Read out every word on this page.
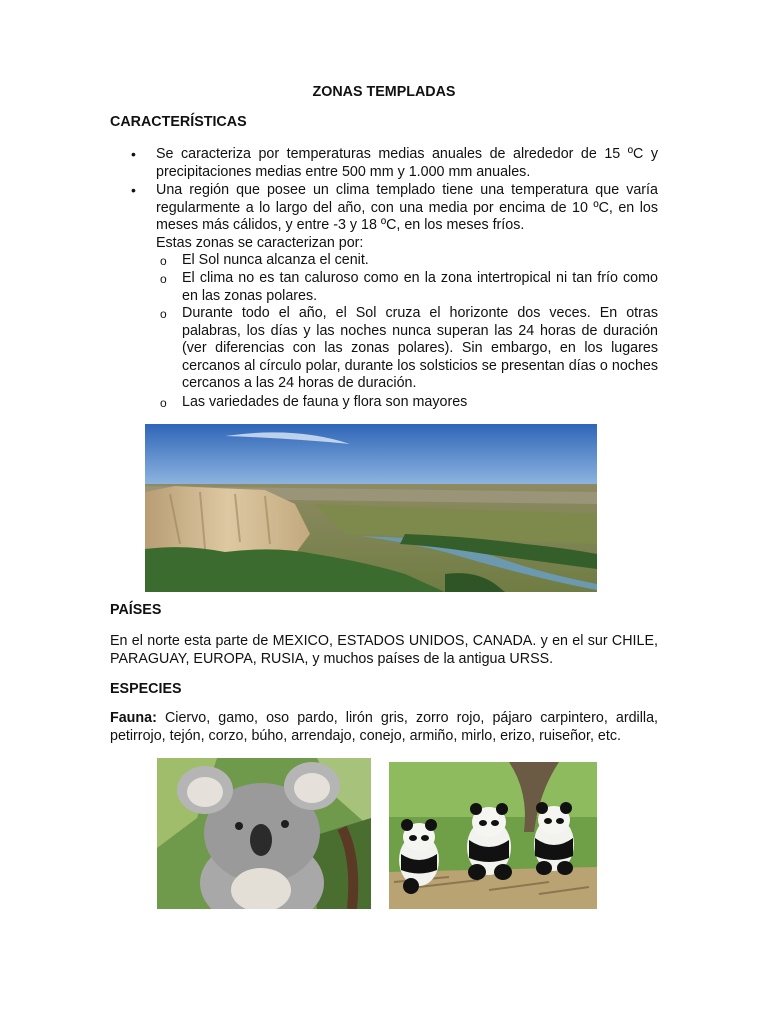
ZONAS TEMPLADAS
CARACTERÍSTICAS
• Se caracteriza por temperaturas medias anuales de alrededor de 15 ºC y precipitaciones medias entre 500 mm y 1.000 mm anuales.
• Una región que posee un clima templado tiene una temperatura que varía regularmente a lo largo del año, con una media por encima de 10 ºC, en los meses más cálidos, y entre -3 y 18 ºC, en los meses fríos.
Estas zonas se caracterizan por:
o El Sol nunca alcanza el cenit.
o El clima no es tan caluroso como en la zona intertropical ni tan frío como en las zonas polares.
o Durante todo el año, el Sol cruza el horizonte dos veces. En otras palabras, los días y las noches nunca superan las 24 horas de duración (ver diferencias con las zonas polares). Sin embargo, en los lugares cercanos al círculo polar, durante los solsticios se presentan días o noches cercanos a las 24 horas de duración.
o Las variedades de fauna y flora son mayores
PAÍSES
En el norte esta parte de MEXICO, ESTADOS UNIDOS, CANADA. y en el sur CHILE, PARAGUAY, EUROPA, RUSIA, y muchos países de la antigua URSS.
ESPECIES
Fauna: Ciervo, gamo, oso pardo, lirón gris, zorro rojo, pájaro carpintero, ardilla, petirrojo, tejón, corzo, búho, arrendajo, conejo, armiño, mirlo, erizo, ruiseñor, etc.
